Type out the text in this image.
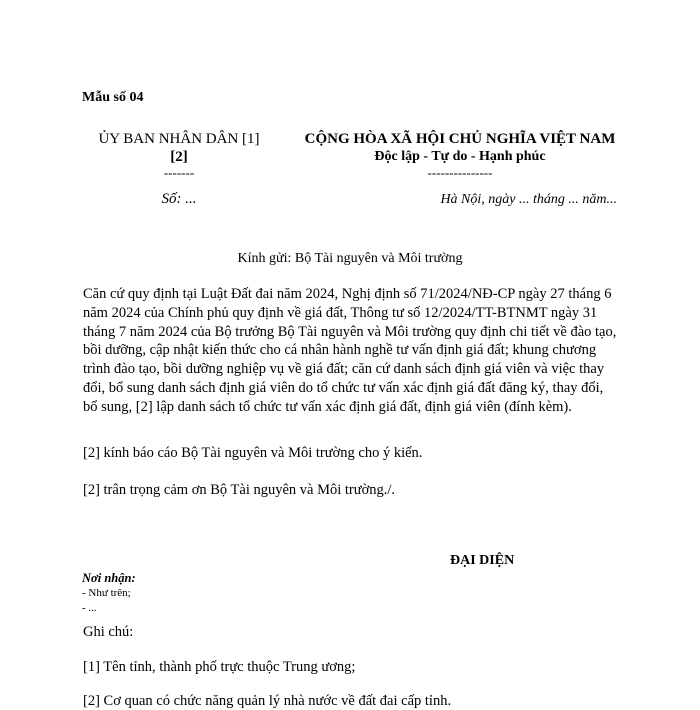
Mẫu số 04
ỦY BAN NHÂN DÂN [1]
[2]
-------
Số: ...
CỘNG HÒA XÃ HỘI CHỦ NGHĨA VIỆT NAM
Độc lập - Tự do - Hạnh phúc
---------------
Hà Nội, ngày ... tháng ... năm...
Kính gửi: Bộ Tài nguyên và Môi trường
Căn cứ quy định tại Luật Đất đai năm 2024, Nghị định số 71/2024/NĐ-CP ngày 27 tháng 6 năm 2024 của Chính phủ quy định về giá đất, Thông tư số 12/2024/TT-BTNMT ngày 31 tháng 7 năm 2024 của Bộ trưởng Bộ Tài nguyên và Môi trường quy định chi tiết về đào tạo, bồi dưỡng, cập nhật kiến thức cho cá nhân hành nghề tư vấn định giá đất; khung chương trình đào tạo, bồi dưỡng nghiệp vụ về giá đất; căn cứ danh sách định giá viên và việc thay đổi, bổ sung danh sách định giá viên do tổ chức tư vấn xác định giá đất đăng ký, thay đổi, bổ sung, [2] lập danh sách tổ chức tư vấn xác định giá đất, định giá viên (đính kèm).
[2] kính báo cáo Bộ Tài nguyên và Môi trường cho ý kiến.
[2] trân trọng cảm ơn Bộ Tài nguyên và Môi trường./.
ĐẠI DIỆN
Nơi nhận:
- Như trên;
- ...
Ghi chú:
[1] Tên tỉnh, thành phố trực thuộc Trung ương;
[2] Cơ quan có chức năng quản lý nhà nước về đất đai cấp tỉnh.
